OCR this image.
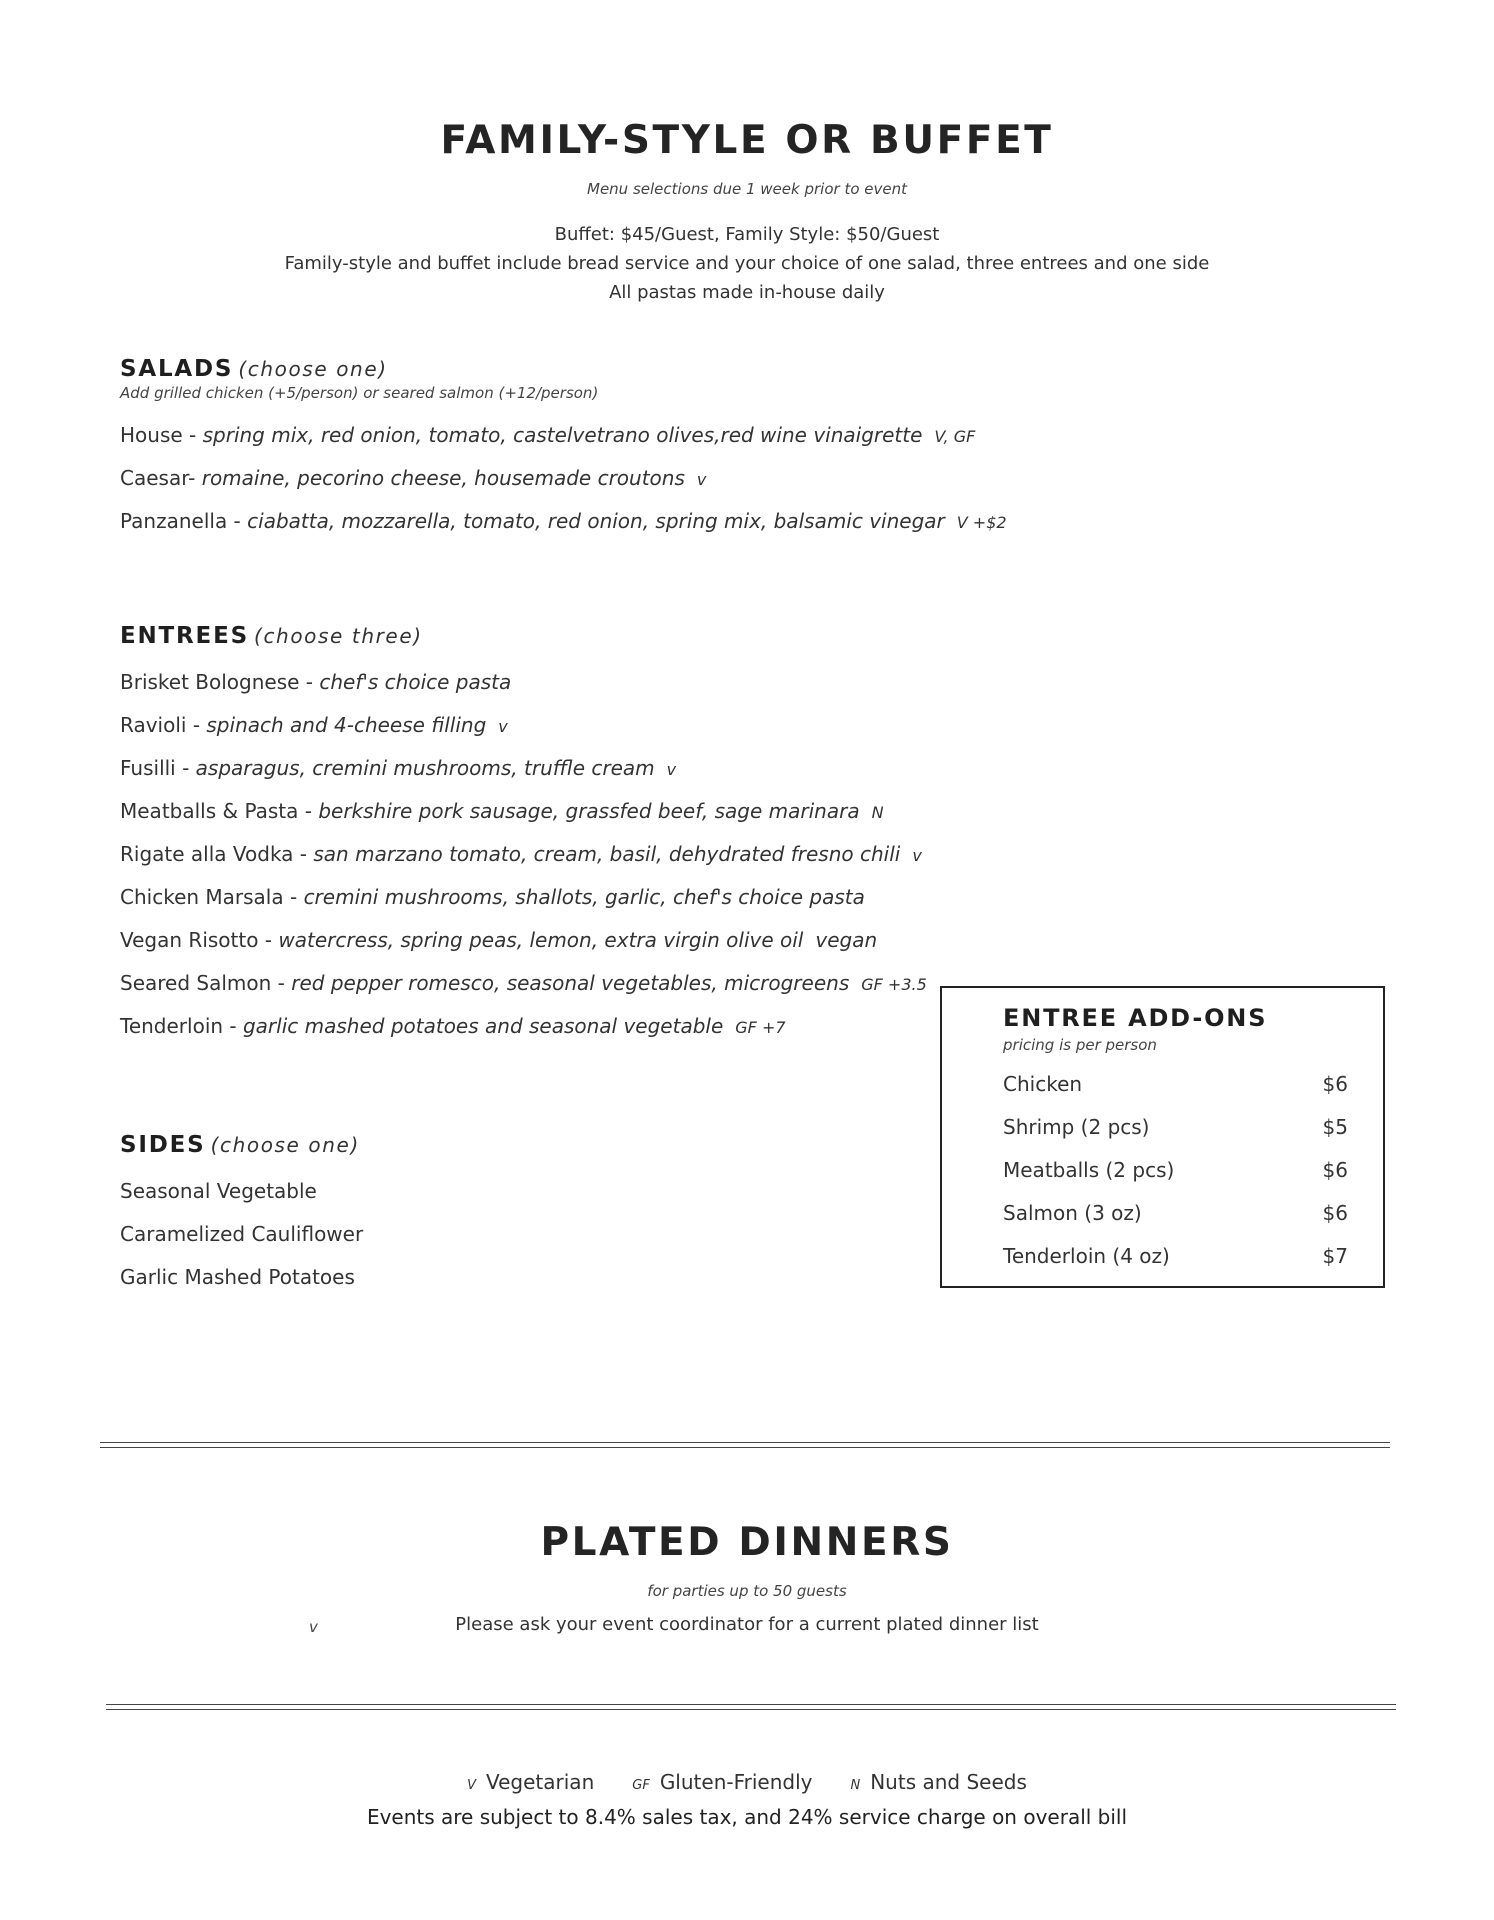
FAMILY-STYLE OR BUFFET
Menu selections due 1 week prior to event
Buffet: $45/Guest, Family Style: $50/Guest
Family-style and buffet include bread service and your choice of one salad, three entrees and one side
All pastas made in-house daily
SALADS (choose one)
Add grilled chicken (+5/person) or seared salmon (+12/person)
House - spring mix, red onion, tomato, castelvetrano olives,red wine vinaigrette V, GF
Caesar- romaine, pecorino cheese, housemade croutons v
Panzanella - ciabatta, mozzarella, tomato, red onion, spring mix, balsamic vinegar V +$2
ENTREES (choose three)
Brisket Bolognese - chef's choice pasta
Ravioli - spinach and 4-cheese filling v
Fusilli - asparagus, cremini mushrooms, truffle cream v
Meatballs & Pasta - berkshire pork sausage, grassfed beef, sage marinara N
Rigate alla Vodka - san marzano tomato, cream, basil, dehydrated fresno chili v
Chicken Marsala - cremini mushrooms, shallots, garlic, chef's choice pasta
Vegan Risotto - watercress, spring peas, lemon, extra virgin olive oil vegan
Seared Salmon - red pepper romesco, seasonal vegetables, microgreens GF +3.5
Tenderloin - garlic mashed potatoes and seasonal vegetable GF +7
SIDES (choose one)
Seasonal Vegetable
Caramelized Cauliflower
Garlic Mashed Potatoes
ENTREE ADD-ONS
pricing is per person
Chicken	$6
Shrimp (2 pcs)	$5
Meatballs (2 pcs)	$6
Salmon (3 oz)	$6
Tenderloin (4 oz)	$7
PLATED DINNERS
for parties up to 50 guests
v	Please ask your event coordinator for a current plated dinner list
V Vegetarian	GF Gluten-Friendly	N Nuts and Seeds
Events are subject to 8.4% sales tax, and 24% service charge on overall bill
